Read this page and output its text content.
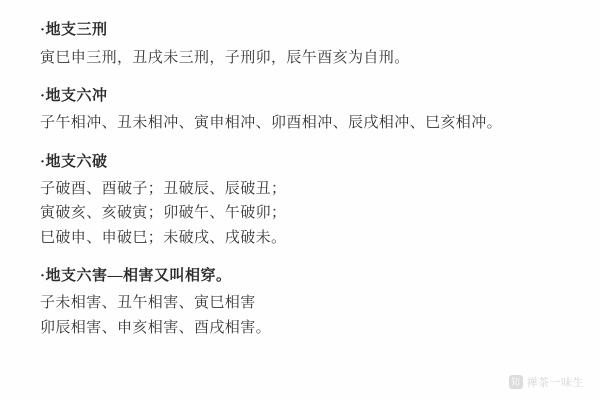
·地支三刑
寅巳申三刑，丑戌未三刑，子刑卯，辰午酉亥为自刑。
·地支六冲
子午相冲、丑未相冲、寅申相冲、卯酉相冲、辰戌相冲、巳亥相冲。
·地支六破
子破酉、酉破子；丑破辰、辰破丑；
寅破亥、亥破寅；卯破午、午破卯；
巳破申、申破巳；未破戌、戌破未。
·地支六害—相害又叫相穿。
子未相害、丑午相害、寅巳相害
卯辰相害、申亥相害、酉戌相害。
知 禅茶一味生
